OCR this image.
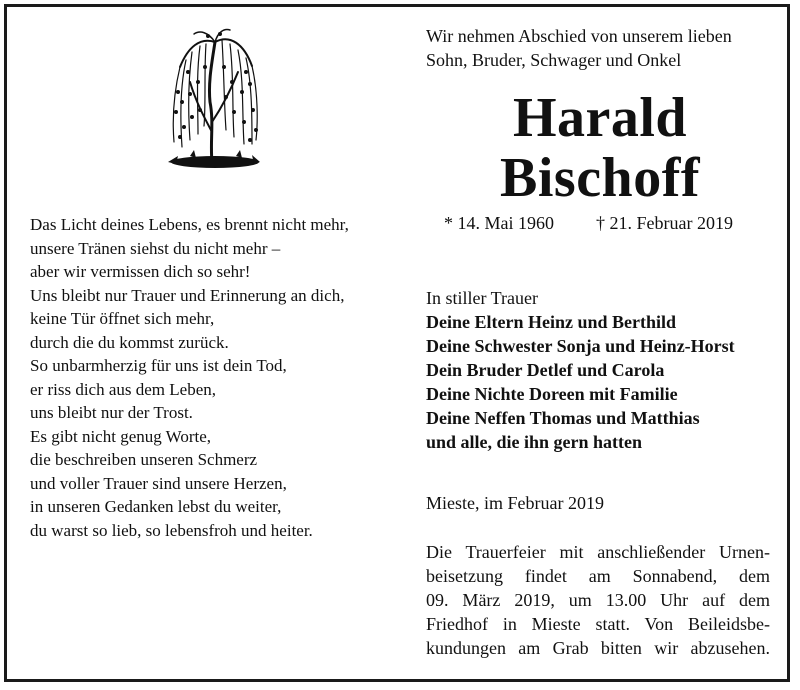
Das Licht deines Lebens, es brennt nicht mehr,
unsere Tränen siehst du nicht mehr –
aber wir vermissen dich so sehr!
Uns bleibt nur Trauer und Erinnerung an dich,
keine Tür öffnet sich mehr,
durch die du kommst zurück.
So unbarmherzig für uns ist dein Tod,
er riss dich aus dem Leben,
uns bleibt nur der Trost.
Es gibt nicht genug Worte,
die beschreiben unseren Schmerz
und voller Trauer sind unsere Herzen,
in unseren Gedanken lebst du weiter,
du warst so lieb, so lebensfroh und heiter.
Wir nehmen Abschied von unserem lieben
Sohn, Bruder, Schwager und Onkel
Harald
Bischoff
* 14. Mai 1960 † 21. Februar 2019
In stiller Trauer
Deine Eltern Heinz und Berthild
Deine Schwester Sonja und Heinz-Horst
Dein Bruder Detlef und Carola
Deine Nichte Doreen mit Familie
Deine Neffen Thomas und Matthias
und alle, die ihn gern hatten
Mieste, im Februar 2019
Die Trauerfeier mit anschließender Urnen-
beisetzung findet am Sonnabend, dem
09. März 2019, um 13.00 Uhr auf dem
Friedhof in Mieste statt. Von Beileidsbe-
kundungen am Grab bitten wir abzusehen.
